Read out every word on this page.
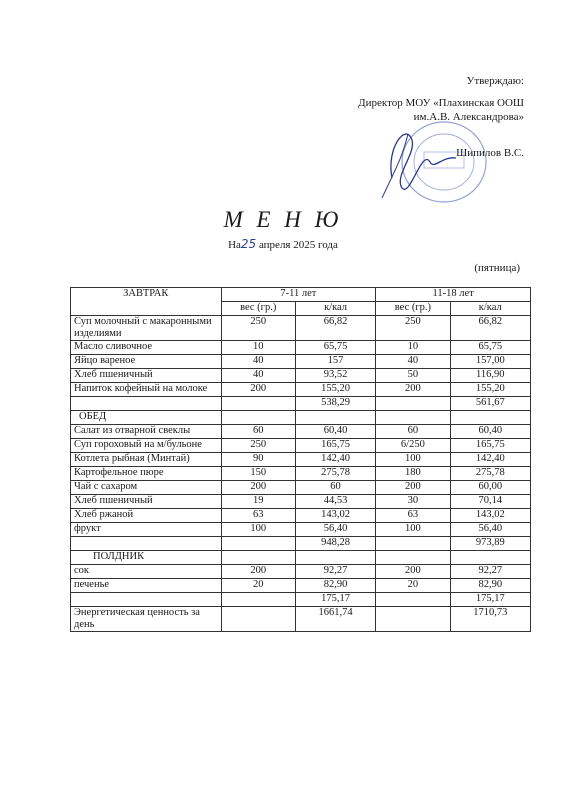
Утверждаю:
Директор МОУ «Плахинская ООШ
им.А.В. Александрова»
Шипилов В.С.
М Е Н Ю
На25 апреля 2025 года
(пятница)
ЗАВТРАК	7-11 лет		11-18 лет	
	вес (гр.)	к/кал	вес (гр.)	к/кал
Суп молочный с макаронными изделиями	250	66,82	250	66,82
Масло сливочное	10	65,75	10	65,75
Яйцо вареное	40	157	40	157,00
Хлеб пшеничный	40	93,52	50	116,90
Напиток кофейный на молоке	200	155,20	200	155,20
		538,29		561,67
ОБЕД				
Салат из отварной свеклы	60	60,40	60	60,40
Суп гороховый на м/бульоне	250	165,75	6/250	165,75
Котлета рыбная (Минтай)	90	142,40	100	142,40
Картофельное пюре	150	275,78	180	275,78
Чай с сахаром	200	60	200	60,00
Хлеб пшеничный	19	44,53	30	70,14
Хлеб ржаной	63	143,02	63	143,02
фрукт	100	56,40	100	56,40
		948,28		973,89
ПОЛДНИК				
сок	200	92,27	200	92,27
печенье	20	82,90	20	82,90
		175,17		175,17
Энергетическая ценность за день		1661,74		1710,73
